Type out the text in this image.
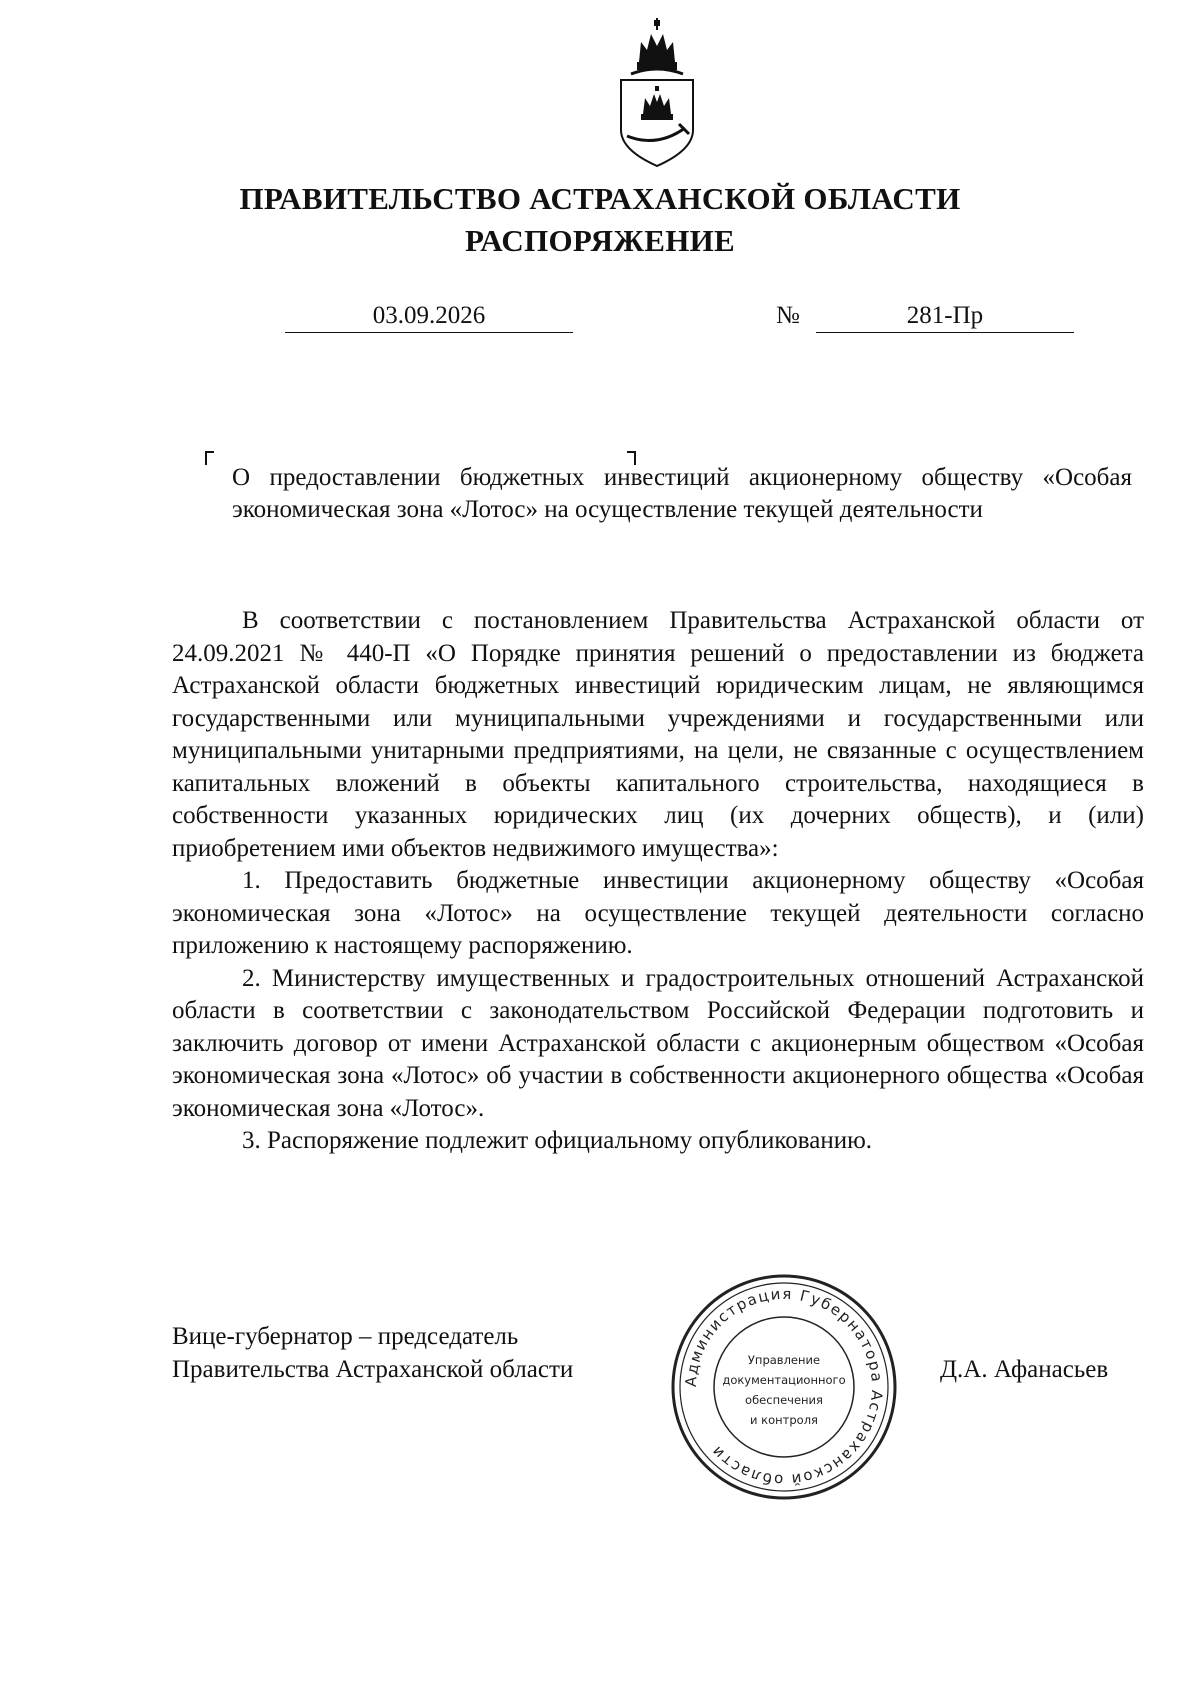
ПРАВИТЕЛЬСТВО АСТРАХАНСКОЙ ОБЛАСТИ
РАСПОРЯЖЕНИЕ
03.09.2026	№	281-Пр
О предоставлении бюджетных инвестиций акционерному обществу «Особая экономическая зона «Лотос» на осуществление текущей деятельности

В соответствии с постановлением Правительства Астраханской области от 24.09.2021 № 440-П «О Порядке принятия решений о предоставлении из бюджета Астраханской области бюджетных инвестиций юридическим лицам, не являющимся государственными или муниципальными учреждениями и государственными или муниципальными унитарными предприятиями, на цели, не связанные с осуществлением капитальных вложений в объекты капитального строительства, находящиеся в собственности указанных юридических лиц (их дочерних обществ), и (или) приобретением ими объектов недвижимого имущества»:

1. Предоставить бюджетные инвестиции акционерному обществу «Особая экономическая зона «Лотос» на осуществление текущей деятельности согласно приложению к настоящему распоряжению.

2. Министерству имущественных и градостроительных отношений Астраханской области в соответствии с законодательством Российской Федерации подготовить и заключить договор от имени Астраханской области с акционерным обществом «Особая экономическая зона «Лотос» об участии в собственности акционерного общества «Особая экономическая зона «Лотос».

3. Распоряжение подлежит официальному опубликованию.

Вице-губернатор – председатель
Правительства Астраханской области	Д.А. Афанасьев
Администрация Губернатора Астраханской области
Управление
документационного
обеспечения
и контроля
